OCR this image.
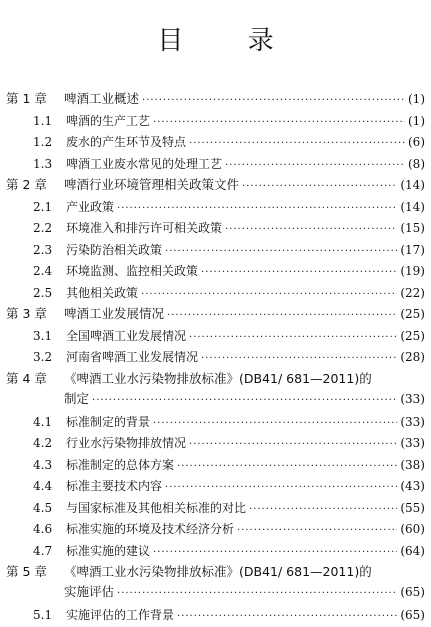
目 录
第 1 章 啤酒工业概述 ·····	(1)
1.1 啤酒的生产工艺 ·····	(1)
1.2 废水的产生环节及特点 ·····	(6)
1.3 啤酒工业废水常见的处理工艺 ·····	(8)
第 2 章 啤酒行业环境管理相关政策文件 ·····	(14)
2.1 产业政策 ·····	(14)
2.2 环境准入和排污许可相关政策 ·····	(15)
2.3 污染防治相关政策 ·····	(17)
2.4 环境监测、监控相关政策 ·····	(19)
2.5 其他相关政策 ·····	(22)
第 3 章 啤酒工业发展情况 ·····	(25)
3.1 全国啤酒工业发展情况 ·····	(25)
3.2 河南省啤酒工业发展情况 ·····	(28)
第 4 章 《啤酒工业水污染物排放标准》(DB41/ 681—2011)的
制定 ·····	(33)
4.1 标准制定的背景 ·····	(33)
4.2 行业水污染物排放情况 ·····	(33)
4.3 标准制定的总体方案 ·····	(38)
4.4 标准主要技术内容 ·····	(43)
4.5 与国家标准及其他相关标准的对比 ·····	(55)
4.6 标准实施的环境及技术经济分析 ·····	(60)
4.7 标准实施的建议 ·····	(64)
第 5 章 《啤酒工业水污染物排放标准》(DB41/ 681—2011)的
实施评估 ·····	(65)
5.1 实施评估的工作背景 ·····	(65)
